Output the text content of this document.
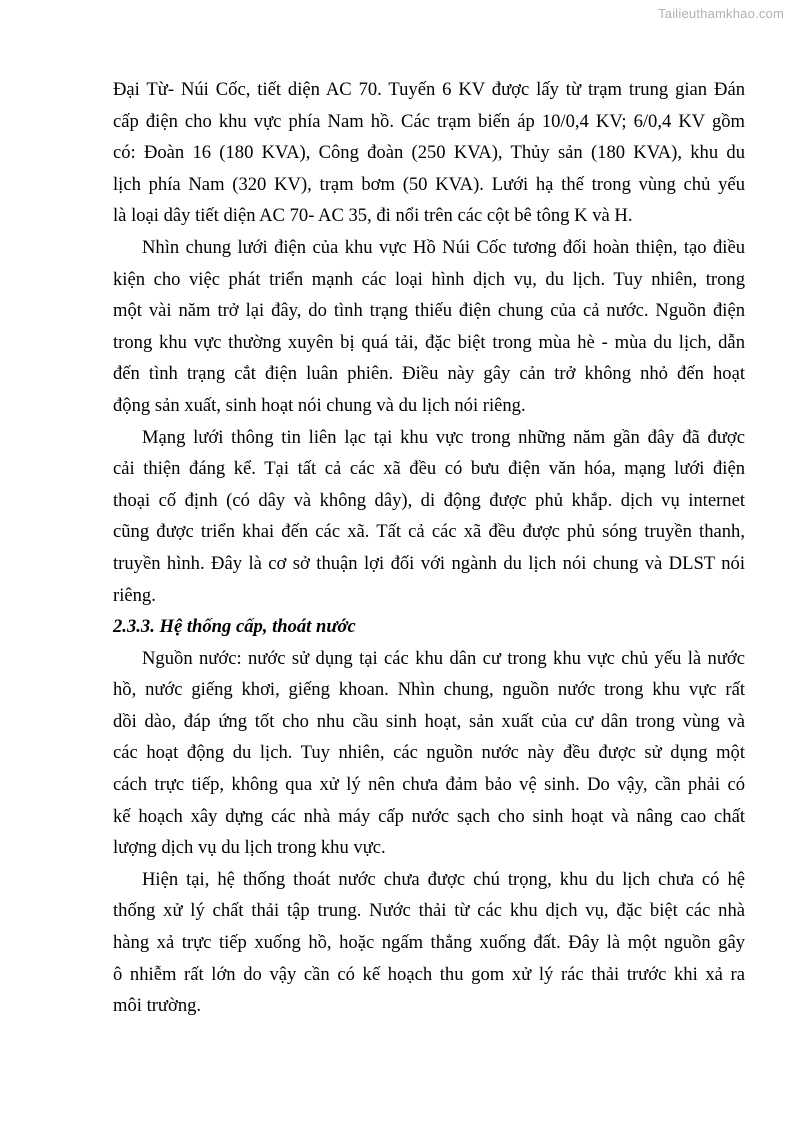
Tailieuthamkhao.com
Đại Từ- Núi Cốc, tiết diện AC 70. Tuyến 6 KV được lấy từ trạm trung gian Đán
cấp điện cho khu vực phía Nam hồ. Các trạm biến áp 10/0,4 KV; 6/0,4 KV gồm
có: Đoàn 16 (180 KVA), Công đoàn (250 KVA), Thủy sản (180 KVA), khu du
lịch phía Nam (320 KV), trạm bơm (50 KVA). Lưới hạ thế trong vùng chủ yếu
là loại dây tiết diện AC 70- AC 35, đi nổi trên các cột bê tông K và H.
Nhìn chung lưới điện của khu vực Hồ Núi Cốc tương đối hoàn thiện, tạo điều
kiện cho việc phát triển mạnh các loại hình dịch vụ, du lịch. Tuy nhiên, trong
một vài năm trở lại đây, do tình trạng thiếu điện chung của cả nước. Nguồn điện
trong khu vực thường xuyên bị quá tải, đặc biệt trong mùa hè - mùa du lịch, dẫn
đến tình trạng cắt điện luân phiên. Điều này gây cản trở không nhỏ đến hoạt
động sản xuất, sinh hoạt nói chung và du lịch nói riêng.
Mạng lưới thông tin liên lạc tại khu vực trong những năm gần đây đã được
cải thiện đáng kể. Tại tất cả các xã đều có bưu điện văn hóa, mạng lưới điện
thoại cố định (có dây và không dây), di động được phủ khắp. dịch vụ internet
cũng được triển khai đến các xã. Tất cả các xã đều được phủ sóng truyền thanh,
truyền hình. Đây là cơ sở thuận lợi đối với ngành du lịch nói chung và DLST nói
riêng.
2.3.3. Hệ thống cấp, thoát nước
Nguồn nước: nước sử dụng tại các khu dân cư trong khu vực chủ yếu là nước
hồ, nước giếng khơi, giếng khoan. Nhìn chung, nguồn nước trong khu vực rất
dồi dào, đáp ứng tốt cho nhu cầu sinh hoạt, sản xuất của cư dân trong vùng và
các hoạt động du lịch. Tuy nhiên, các nguồn nước này đều được sử dụng một
cách trực tiếp, không qua xử lý nên chưa đảm bảo vệ sinh. Do vậy, cần phải có
kế hoạch xây dựng các nhà máy cấp nước sạch cho sinh hoạt và nâng cao chất
lượng dịch vụ du lịch trong khu vực.
Hiện tại, hệ thống thoát nước chưa được chú trọng, khu du lịch chưa có hệ
thống xử lý chất thải tập trung. Nước thải từ các khu dịch vụ, đặc biệt các nhà
hàng xả trực tiếp xuống hồ, hoặc ngấm thẳng xuống đất. Đây là một nguồn gây
ô nhiễm rất lớn do vậy cần có kế hoạch thu gom xử lý rác thải trước khi xả ra
môi trường.
